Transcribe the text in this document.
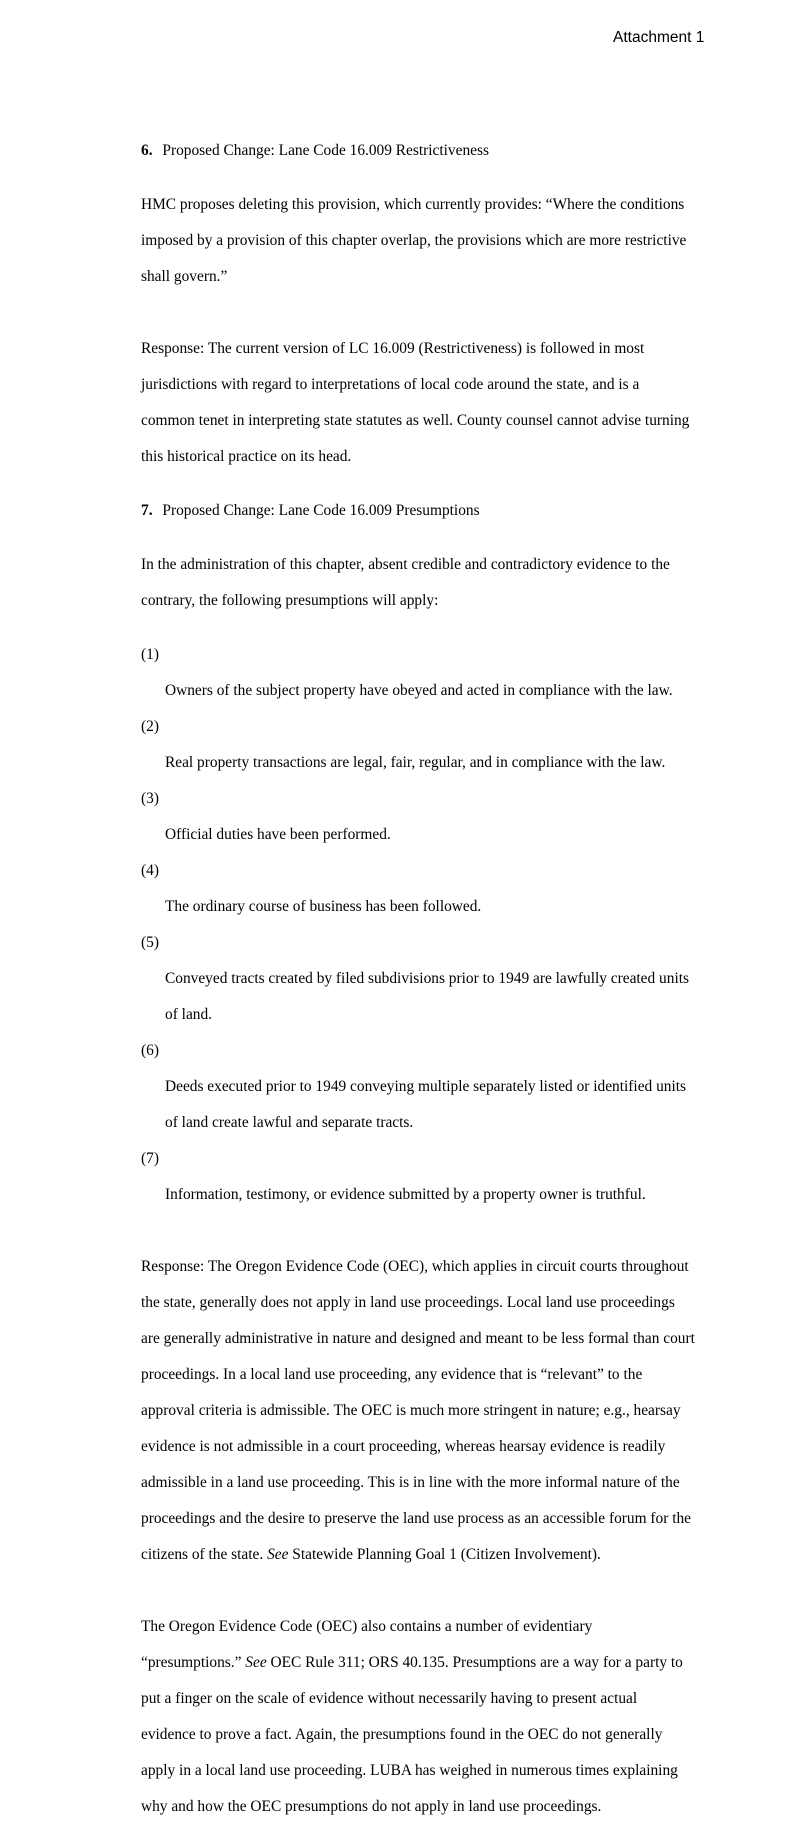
Attachment 1
6. Proposed Change: Lane Code 16.009 Restrictiveness

HMC proposes deleting this provision, which currently provides: “Where the conditions

imposed by a provision of this chapter overlap, the provisions which are more restrictive

shall govern.”

Response: The current version of LC 16.009 (Restrictiveness) is followed in most

jurisdictions with regard to interpretations of local code around the state, and is a

common tenet in interpreting state statutes as well. County counsel cannot advise turning

this historical practice on its head.

7. Proposed Change: Lane Code 16.009 Presumptions

In the administration of this chapter, absent credible and contradictory evidence to the

contrary, the following presumptions will apply:

(1)

Owners of the subject property have obeyed and acted in compliance with the law.

(2)

Real property transactions are legal, fair, regular, and in compliance with the law.

(3)

Official duties have been performed.

(4)

The ordinary course of business has been followed.

(5)

Conveyed tracts created by filed subdivisions prior to 1949 are lawfully created units

of land.

(6)

Deeds executed prior to 1949 conveying multiple separately listed or identified units

of land create lawful and separate tracts.

(7)

Information, testimony, or evidence submitted by a property owner is truthful.

Response: The Oregon Evidence Code (OEC), which applies in circuit courts throughout

the state, generally does not apply in land use proceedings. Local land use proceedings

are generally administrative in nature and designed and meant to be less formal than court

proceedings. In a local land use proceeding, any evidence that is “relevant” to the

approval criteria is admissible. The OEC is much more stringent in nature; e.g., hearsay

evidence is not admissible in a court proceeding, whereas hearsay evidence is readily

admissible in a land use proceeding. This is in line with the more informal nature of the

proceedings and the desire to preserve the land use process as an accessible forum for the

citizens of the state. See Statewide Planning Goal 1 (Citizen Involvement).

The Oregon Evidence Code (OEC) also contains a number of evidentiary

“presumptions.” See OEC Rule 311; ORS 40.135. Presumptions are a way for a party to

put a finger on the scale of evidence without necessarily having to present actual

evidence to prove a fact. Again, the presumptions found in the OEC do not generally

apply in a local land use proceeding. LUBA has weighed in numerous times explaining

why and how the OEC presumptions do not apply in land use proceedings.
